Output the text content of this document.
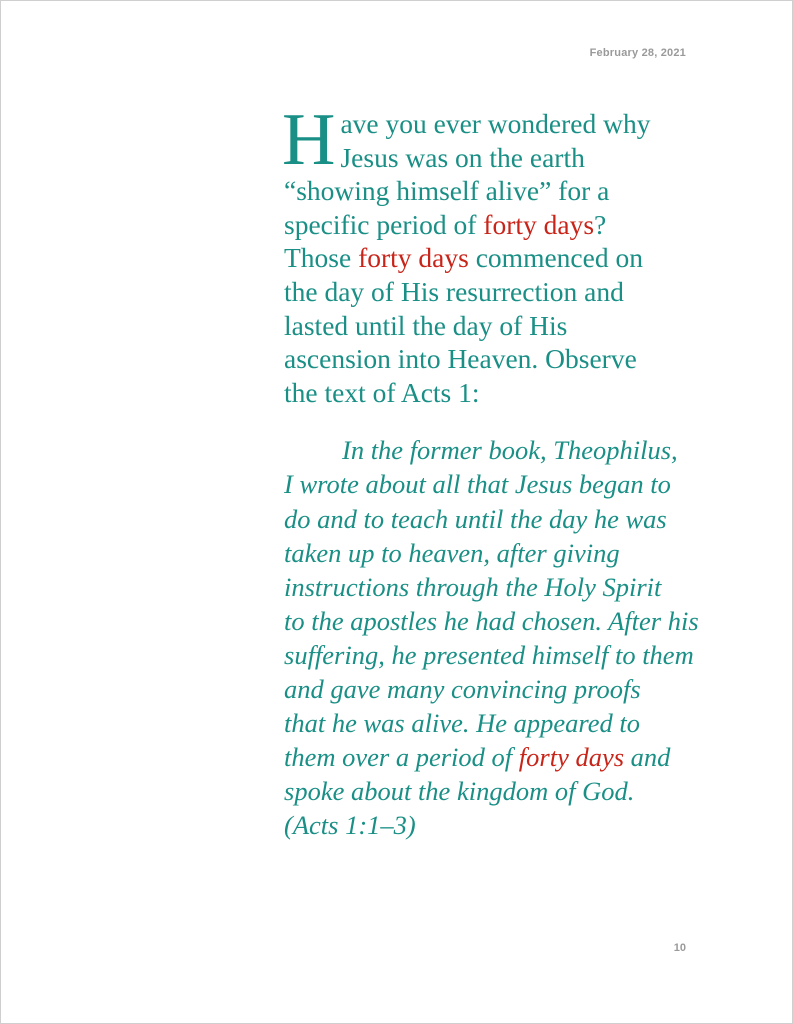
February 28, 2021

H ave you ever wondered why
Jesus was on the earth
“showing himself alive” for a
specific period of forty days?
Those forty days commenced on
the day of His resurrection and
lasted until the day of His
ascension into Heaven. Observe
the text of Acts 1:

In the former book, Theophilus,
I wrote about all that Jesus began to
do and to teach until the day he was
taken up to heaven, after giving
instructions through the Holy Spirit
to the apostles he had chosen. After his
suffering, he presented himself to them
and gave many convincing proofs
that he was alive. He appeared to
them over a period of forty days and
spoke about the kingdom of God.
(Acts 1:1–3)
10
